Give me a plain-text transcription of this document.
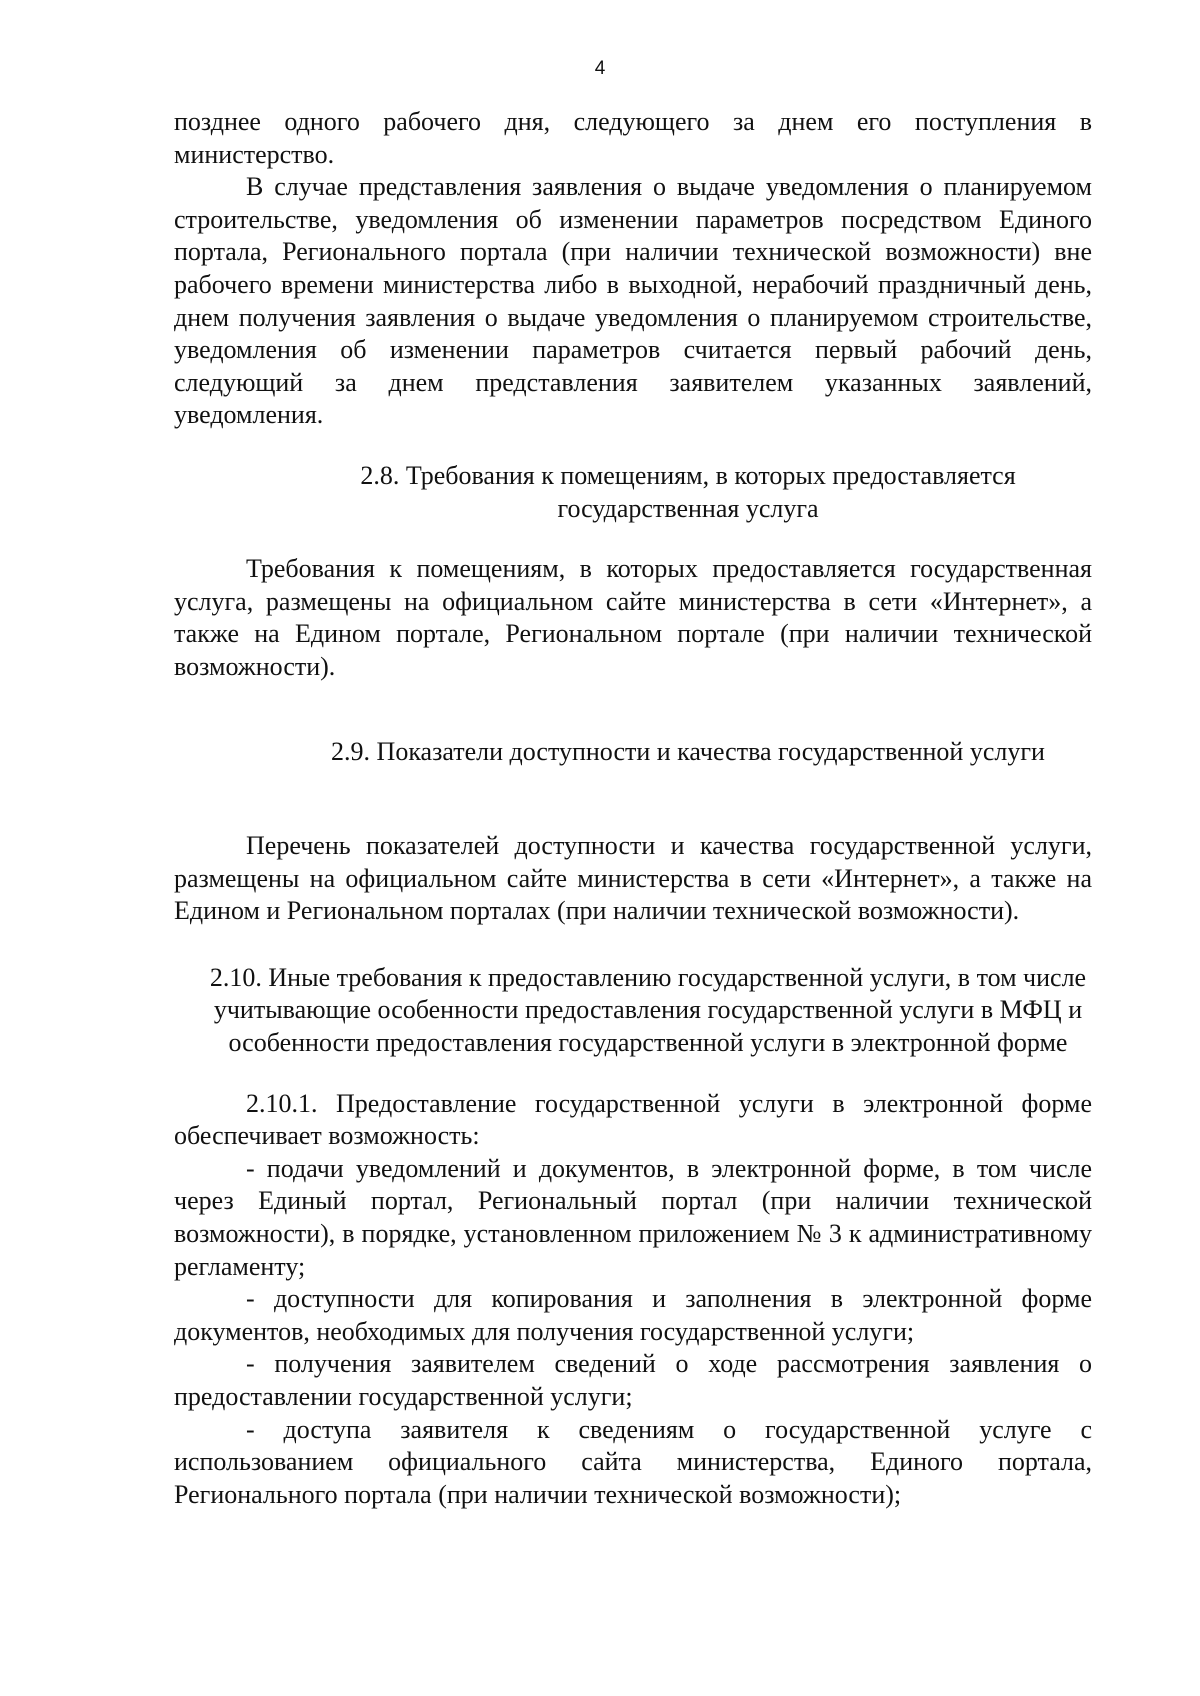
4

позднее одного рабочего дня, следующего за днем его поступления в министерство.

В случае представления заявления о выдаче уведомления о планируемом строительстве, уведомления об изменении параметров посредством Единого портала, Регионального портала (при наличии технической возможности) вне рабочего времени министерства либо в выходной, нерабочий праздничный день, днем получения заявления о выдаче уведомления о планируемом строительстве, уведомления об изменении параметров считается первый рабочий день, следующий за днем представления заявителем указанных заявлений, уведомления.

2.8. Требования к помещениям, в которых предоставляется государственная услуга

Требования к помещениям, в которых предоставляется государственная услуга, размещены на официальном сайте министерства в сети «Интернет», а также на Едином портале, Региональном портале (при наличии технической возможности).

2.9. Показатели доступности и качества государственной услуги

Перечень показателей доступности и качества государственной услуги, размещены на официальном сайте министерства в сети «Интернет», а также на Едином и Региональном порталах (при наличии технической возможности).

2.10. Иные требования к предоставлению государственной услуги, в том числе учитывающие особенности предоставления государственной услуги в МФЦ и особенности предоставления государственной услуги в электронной форме

2.10.1. Предоставление государственной услуги в электронной форме обеспечивает возможность:

- подачи уведомлений и документов, в электронной форме, в том числе через Единый портал, Региональный портал (при наличии технической возможности), в порядке, установленном приложением № 3 к административному регламенту;

- доступности для копирования и заполнения в электронной форме документов, необходимых для получения государственной услуги;

- получения заявителем сведений о ходе рассмотрения заявления о предоставлении государственной услуги;

- доступа заявителя к сведениям о государственной услуге с использованием официального сайта министерства, Единого портала, Регионального портала (при наличии технической возможности);
